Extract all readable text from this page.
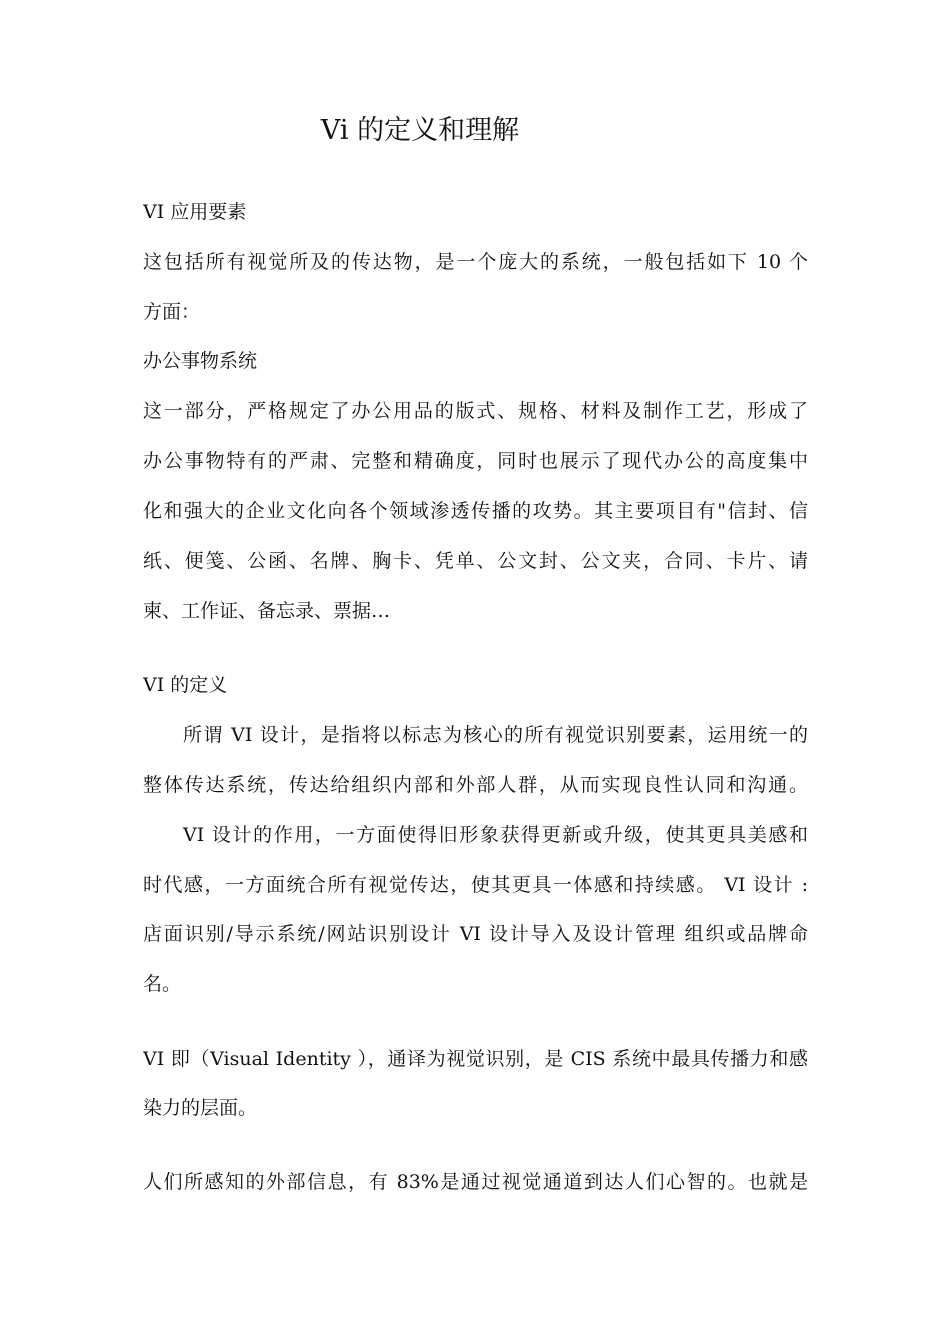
Vi 的定义和理解
VI 应用要素
这包括所有视觉所及的传达物，是一个庞大的系统，一般包括如下 10 个
方面：
办公事物系统
这一部分，严格规定了办公用品的版式、规格、材料及制作工艺，形成了
办公事物特有的严肃、完整和精确度，同时也展示了现代办公的高度集中
化和强大的企业文化向各个领域渗透传播的攻势。其主要项目有"信封、信
纸、便笺、公函、名牌、胸卡、凭单、公文封、公文夹，合同、卡片、请
柬、工作证、备忘录、票据…
VI 的定义
所谓 VI 设计，是指将以标志为核心的所有视觉识别要素，运用统一的
整体传达系统，传达给组织内部和外部人群，从而实现良性认同和沟通。
VI 设计的作用，一方面使得旧形象获得更新或升级，使其更具美感和
时代感，一方面统合所有视觉传达，使其更具一体感和持续感。 VI 设计 :
店面识别/导示系统/网站识别设计 VI 设计导入及设计管理 组织或品牌命
名。
VI 即（Visual Identity ），通译为视觉识别，是 CIS 系统中最具传播力和感
染力的层面。
人们所感知的外部信息，有 83%是通过视觉通道到达人们心智的。也就是
